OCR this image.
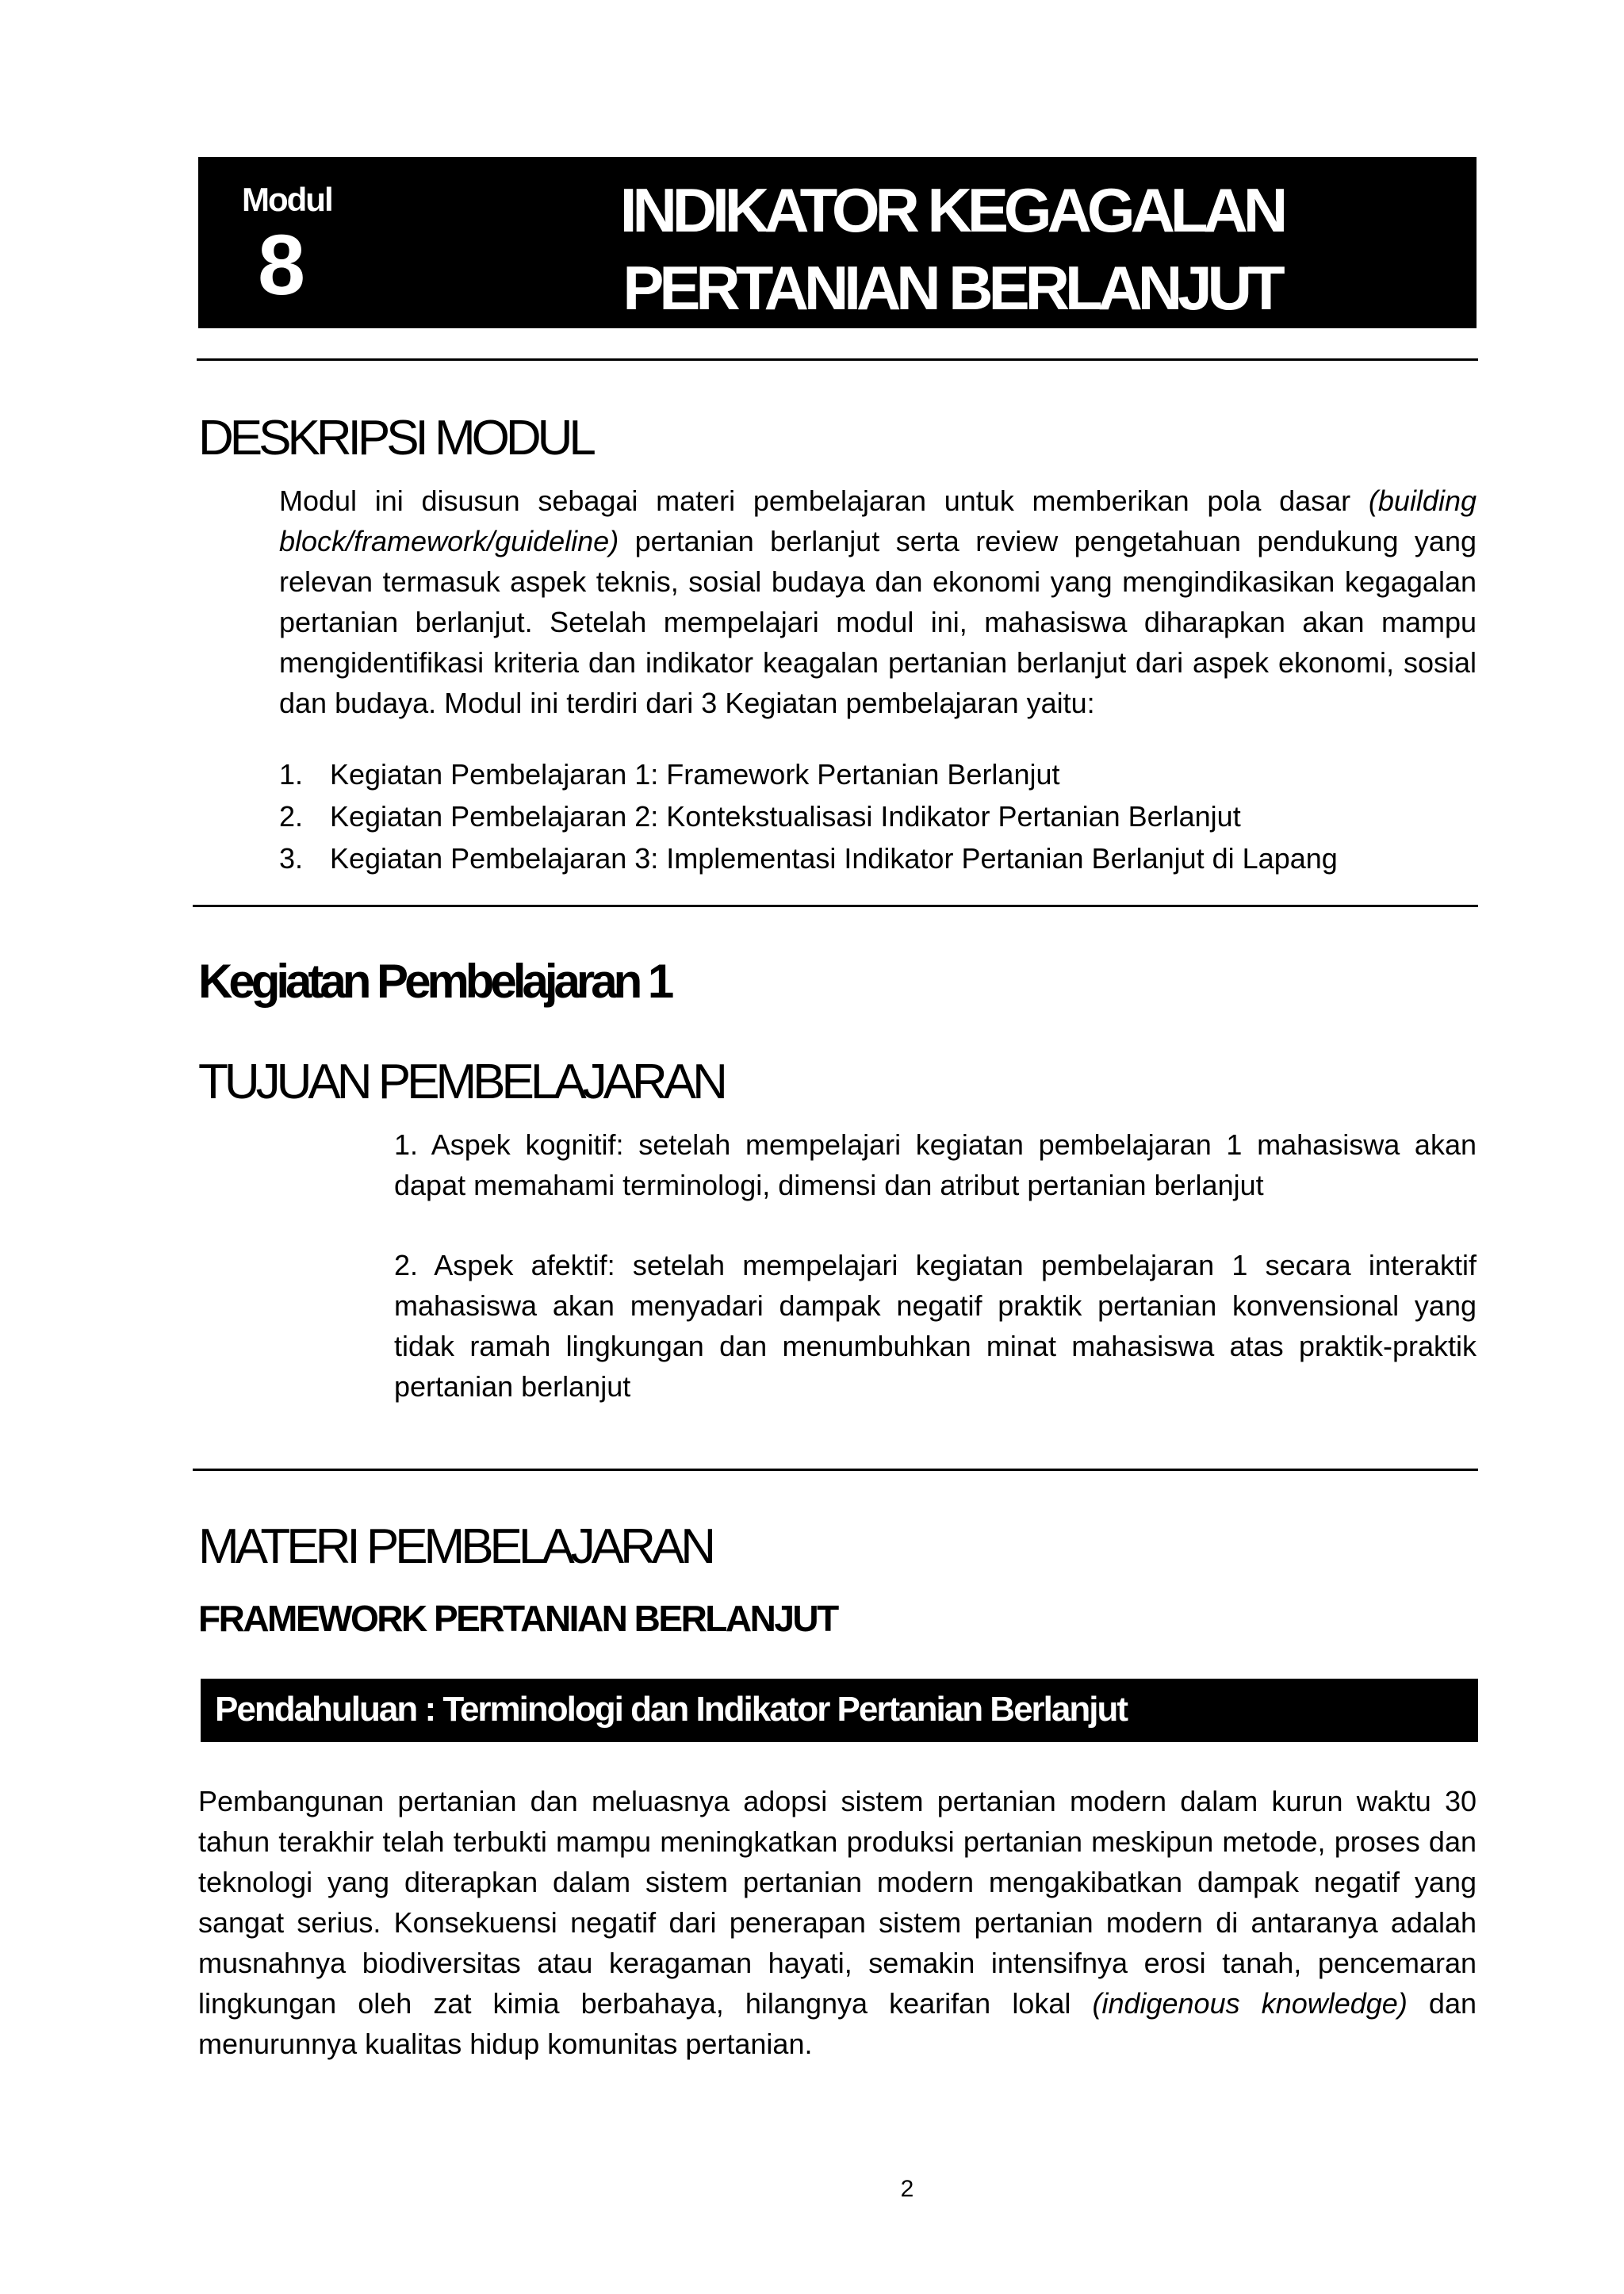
Modul
8
INDIKATOR KEGAGALAN
PERTANIAN BERLANJUT
DESKRIPSI MODUL

Modul ini disusun sebagai materi pembelajaran untuk memberikan pola dasar (building block/framework/guideline) pertanian berlanjut serta review pengetahuan pendukung yang relevan termasuk aspek teknis, sosial budaya dan ekonomi yang mengindikasikan kegagalan pertanian berlanjut. Setelah mempelajari modul ini, mahasiswa diharapkan akan mampu mengidentifikasi kriteria dan indikator keagalan pertanian berlanjut dari aspek ekonomi, sosial dan budaya. Modul ini terdiri dari 3 Kegiatan pembelajaran yaitu:

1. Kegiatan Pembelajaran 1: Framework Pertanian Berlanjut
2. Kegiatan Pembelajaran 2: Kontekstualisasi Indikator Pertanian Berlanjut
3. Kegiatan Pembelajaran 3: Implementasi Indikator Pertanian Berlanjut di Lapang
Kegiatan Pembelajaran 1
TUJUAN PEMBELAJARAN

1. Aspek kognitif: setelah mempelajari kegiatan pembelajaran 1 mahasiswa akan dapat memahami terminologi, dimensi dan atribut pertanian berlanjut

2. Aspek afektif: setelah mempelajari kegiatan pembelajaran 1 secara interaktif mahasiswa akan menyadari dampak negatif praktik pertanian konvensional yang tidak ramah lingkungan dan menumbuhkan minat mahasiswa atas praktik-praktik pertanian berlanjut

MATERI PEMBELAJARAN
FRAMEWORK PERTANIAN BERLANJUT
Pendahuluan : Terminologi dan Indikator Pertanian Berlanjut

Pembangunan pertanian dan meluasnya adopsi sistem pertanian modern dalam kurun waktu 30 tahun terakhir telah terbukti mampu meningkatkan produksi pertanian meskipun metode, proses dan teknologi yang diterapkan dalam sistem pertanian modern mengakibatkan dampak negatif yang sangat serius. Konsekuensi negatif dari penerapan sistem pertanian modern di antaranya adalah musnahnya biodiversitas atau keragaman hayati, semakin intensifnya erosi tanah, pencemaran lingkungan oleh zat kimia berbahaya, hilangnya kearifan lokal (indigenous knowledge) dan menurunnya kualitas hidup komunitas pertanian.

2
